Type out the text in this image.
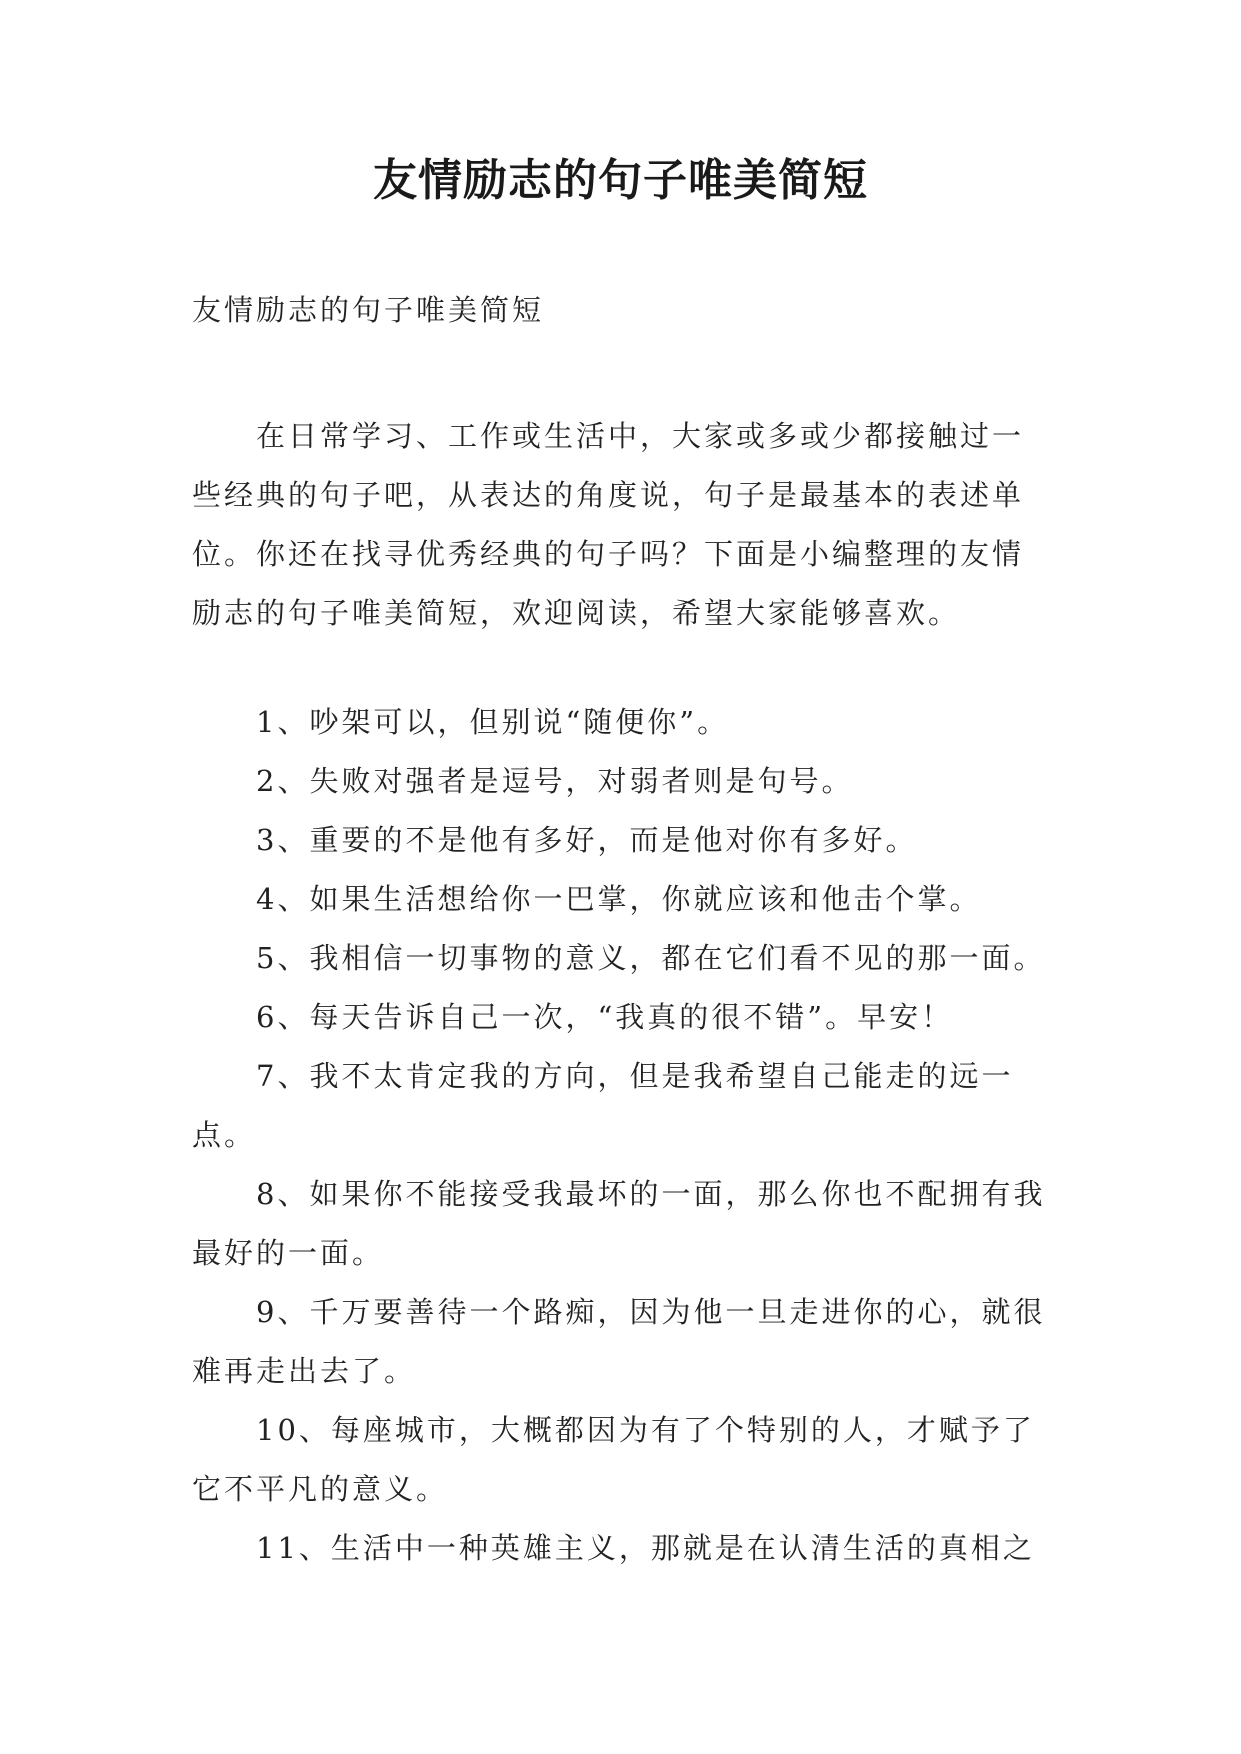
友情励志的句子唯美简短

友情励志的句子唯美简短

在日常学习、工作或生活中，大家或多或少都接触过一些经典的句子吧，从表达的角度说，句子是最基本的表述单位。你还在找寻优秀经典的句子吗？下面是小编整理的友情励志的句子唯美简短，欢迎阅读，希望大家能够喜欢。

1、吵架可以，但别说“随便你”。

2、失败对强者是逗号，对弱者则是句号。

3、重要的不是他有多好，而是他对你有多好。

4、如果生活想给你一巴掌，你就应该和他击个掌。

5、我相信一切事物的意义，都在它们看不见的那一面。

6、每天告诉自己一次，“我真的很不错”。早安！

7、我不太肯定我的方向，但是我希望自己能走的远一点。

8、如果你不能接受我最坏的一面，那么你也不配拥有我最好的一面。

9、千万要善待一个路痴，因为他一旦走进你的心，就很难再走出去了。

10、每座城市，大概都因为有了个特别的人，才赋予了它不平凡的意义。

11、生活中一种英雄主义，那就是在认清生活的真相之
